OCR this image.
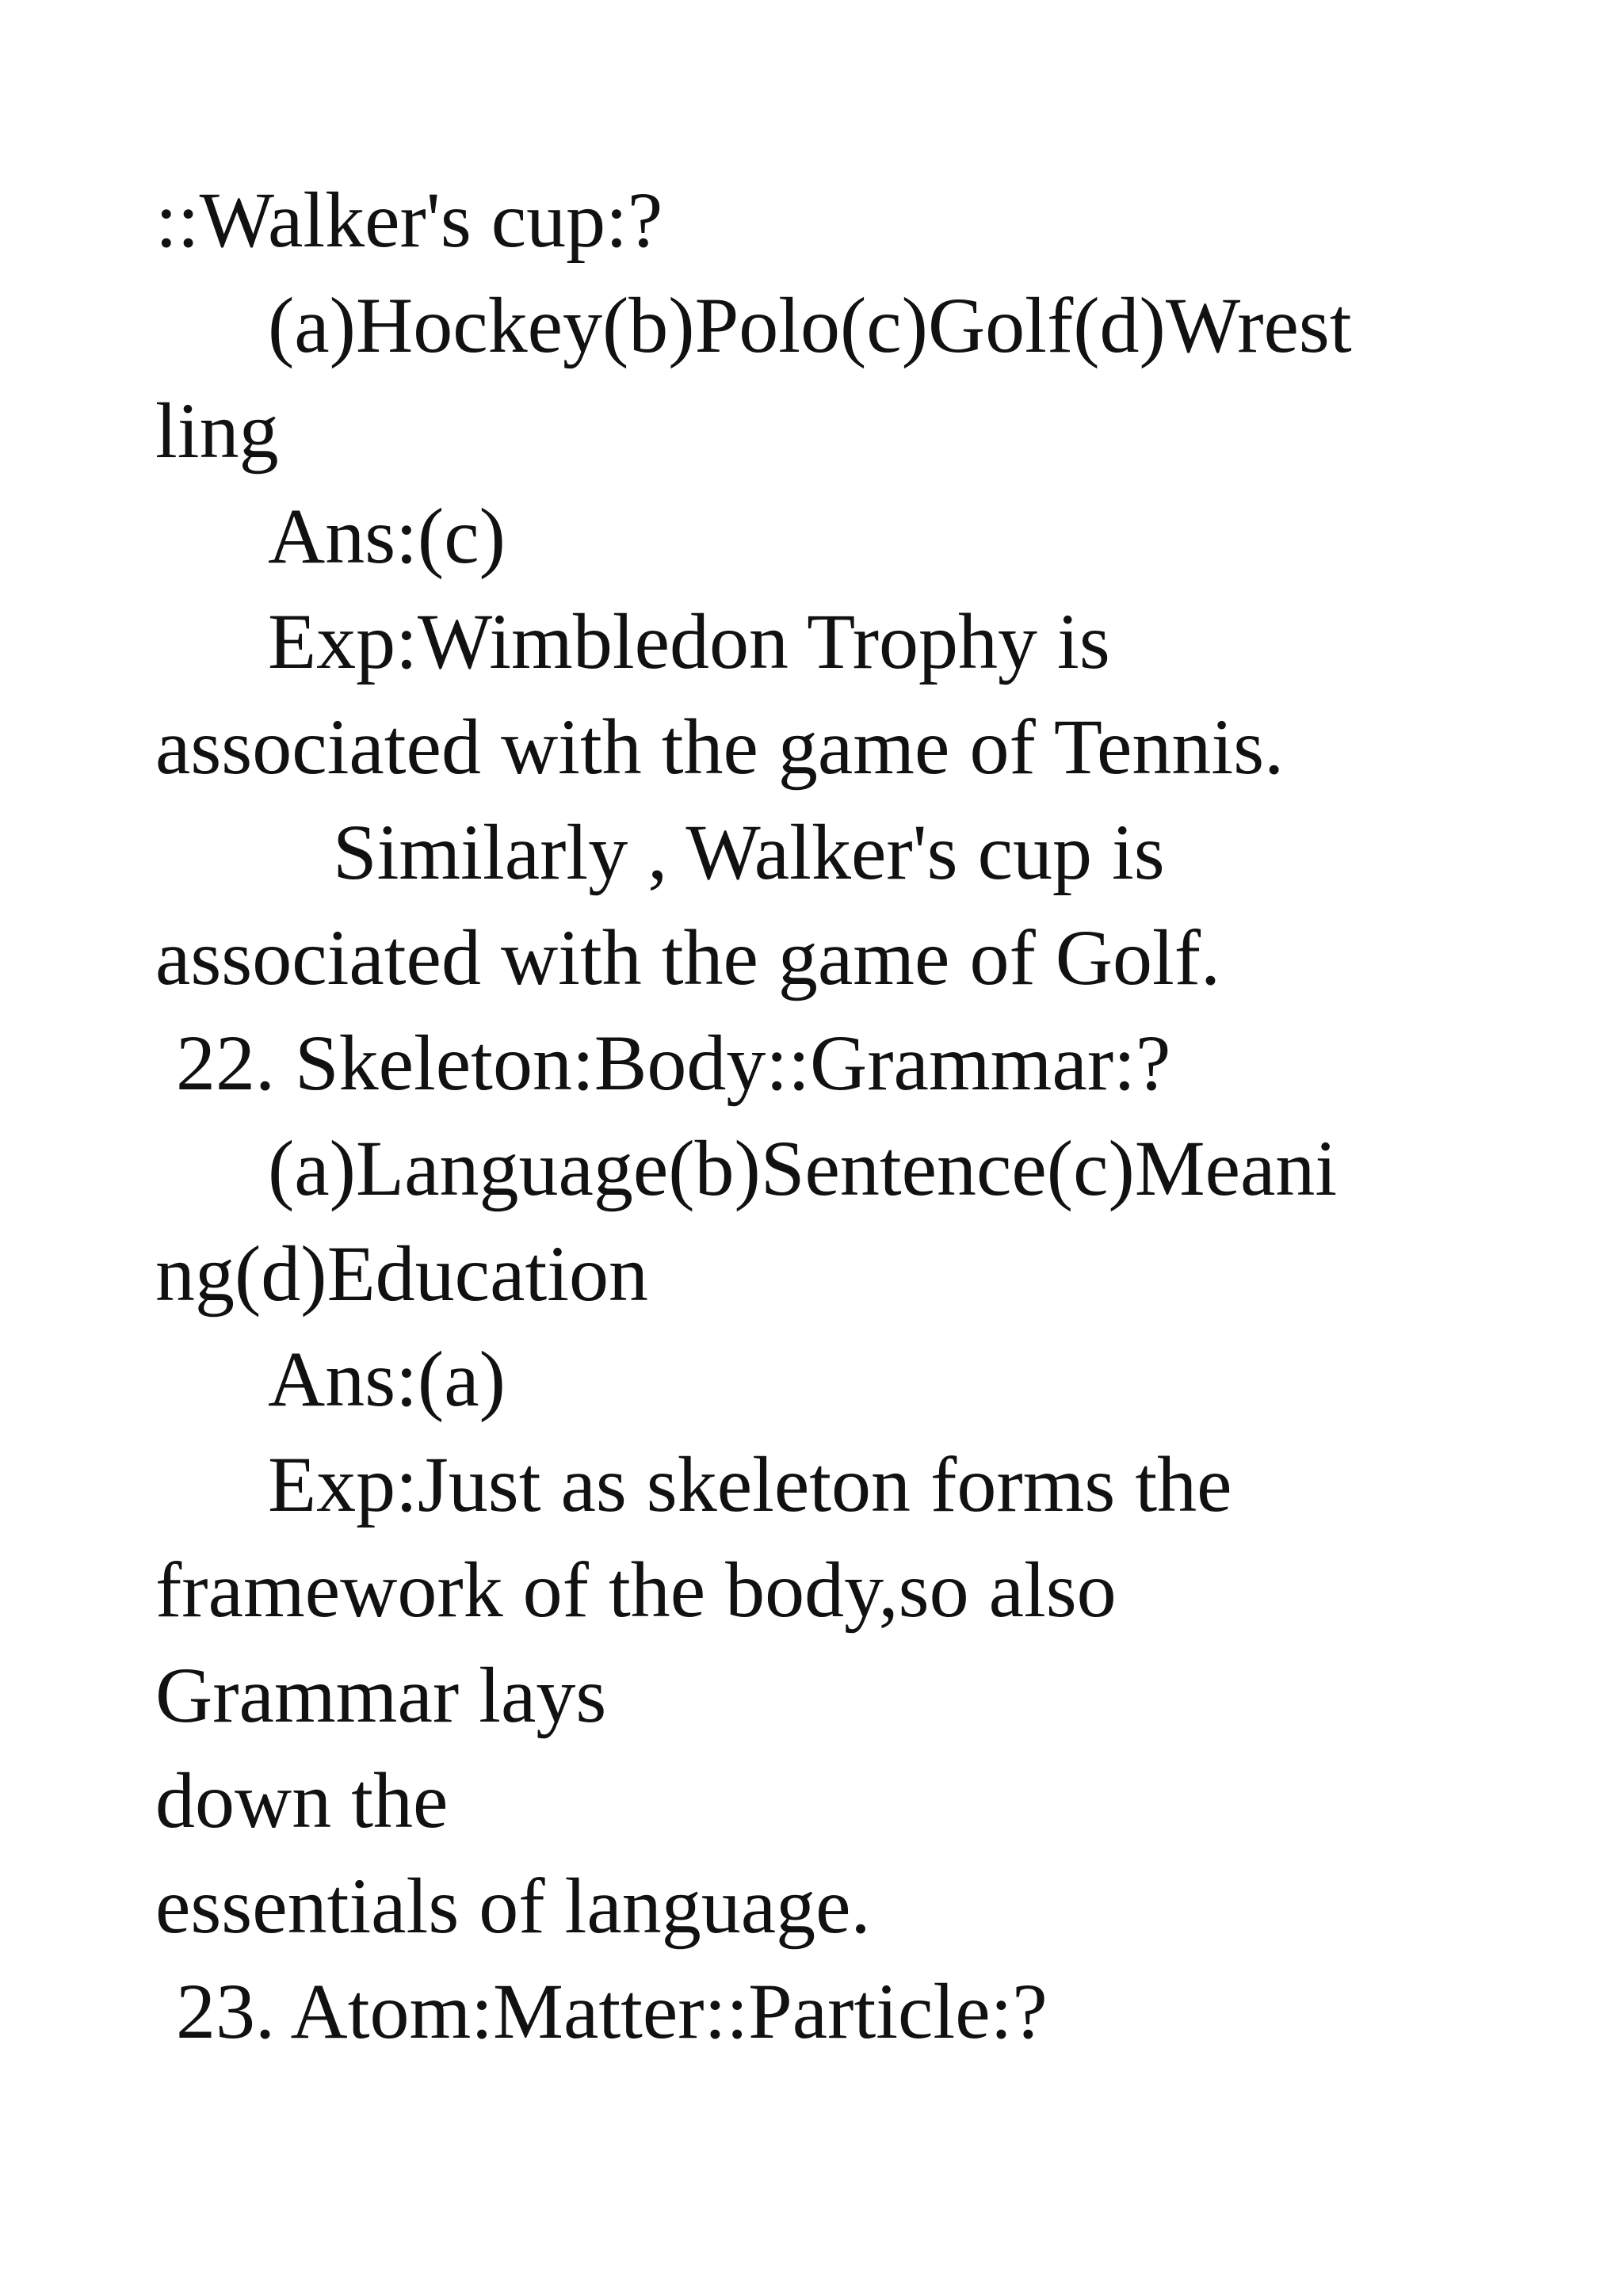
::Walker's cup:?

(a)Hockey(b)Polo(c)Golf(d)Wrest

ling

Ans:(c)

Exp:Wimbledon Trophy is

associated with the game of Tennis.

Similarly , Walker's cup is

associated with the game of Golf.

22. Skeleton:Body::Grammar:?

(a)Language(b)Sentence(c)Meani

ng(d)Education

Ans:(a)

Exp:Just as skeleton forms the

framework of the body,so also

Grammar lays

down the

essentials of language.

23. Atom:Matter::Particle:?
